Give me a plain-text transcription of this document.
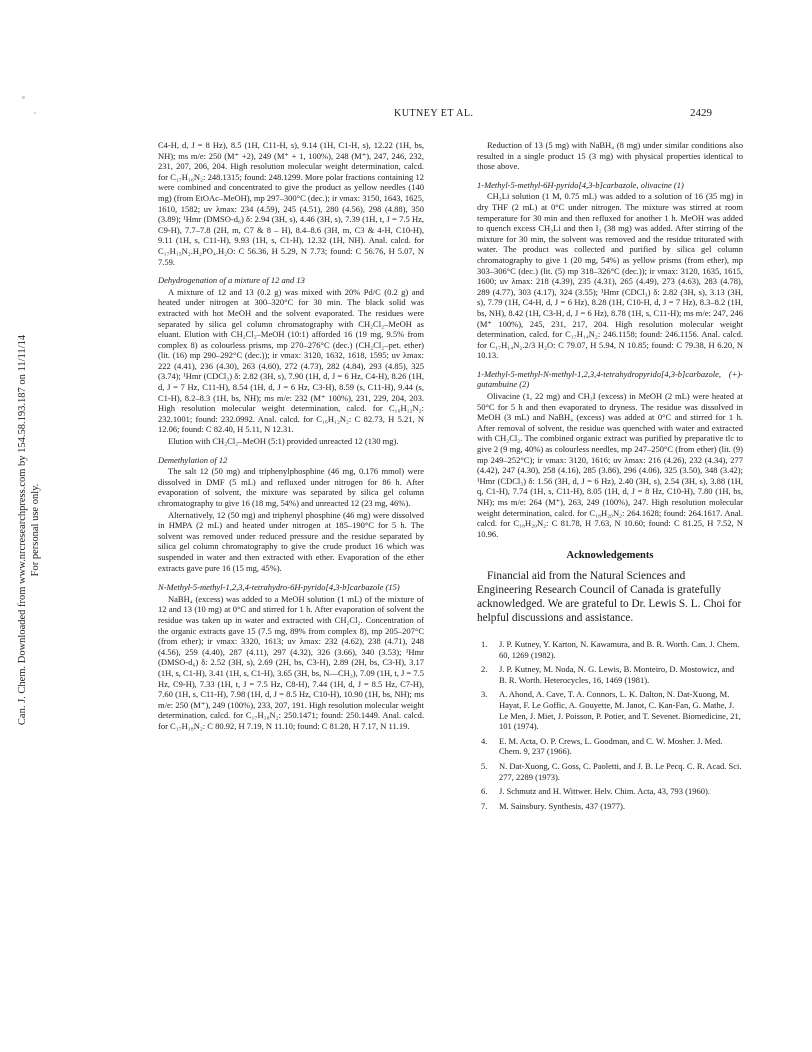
Can. J. Chem. Downloaded from www.nrcresearchpress.com by 154.58.193.187 on 11/11/14 For personal use only.
KUTNEY ET AL.	2429

C4-H, d, J = 8 Hz), 8.5 (1H, C11-H, s), 9.14 (1H, C1-H, s), 12.22 (1H, bs, NH); ms m/e: 250 (M⁺ +2), 249 (M⁺ + 1, 100%), 248 (M⁺), 247, 246, 232, 231, 207, 206, 204. High resolution molecular weight determination, calcd. for C₁₇H₁₆N₂: 248.1315; found: 248.1299. More polar fractions containing 12 were combined and concentrated to give the product as yellow needles (140 mg) (from EtOAc–MeOH), mp 297–300°C (dec.); ir νmax: 3150, 1643, 1625, 1610, 1582; uv λmax: 234 (4.59), 245 (4.51), 280 (4.56), 298 (4.88), 350 (3.89); ¹Hmr (DMSO-d₆) δ: 2.94 (3H, s), 4.46 (3H, s), 7.39 (1H, t, J = 7.5 Hz, C9-H), 7.7–7.8 (2H, m, C7 & 8 – H), 8.4–8.6 (3H, m, C3 & 4-H, C10-H), 9.11 (1H, s, C11-H), 9.93 (1H, s, C1-H), 12.32 (1H, NH). Anal. calcd. for C₁₇H₁₅N₂.H₂PO₄.H₂O: C 56.36, H 5.29, N 7.73; found: C 56.76, H 5.07, N 7.59.

Dehydrogenation of a mixture of 12 and 13

A mixture of 12 and 13 (0.2 g) was mixed with 20% Pd/C (0.2 g) and heated under nitrogen at 300–320°C for 30 min. The black solid was extracted with hot MeOH and the solvent evaporated. The residues were separated by silica gel column chromatography with CH₂Cl₂–MeOH as eluant. Elution with CH₂Cl₂–MeOH (10:1) afforded 16 (19 mg, 9.5% from complex 8) as colourless prisms, mp 270–276°C (dec.) (CH₂Cl₂–pet. ether) (lit. (16) mp 290–292°C (dec.)); ir νmax: 3120, 1632, 1618, 1595; uv λmax: 222 (4.41), 236 (4.30), 263 (4.60), 272 (4.73), 282 (4.84), 293 (4.85), 325 (3.74); ¹Hmr (CDCl₃) δ: 2.82 (3H, s), 7.90 (1H, d, J = 6 Hz, C4-H), 8.26 (1H, d, J = 7 Hz, C11-H), 8.54 (1H, d, J = 6 Hz, C3-H), 8.59 (s, C11-H), 9.44 (s, C1-H), 8.2–8.3 (1H, bs, NH); ms m/e: 232 (M⁺ 100%), 231, 229, 204, 203. High resolution molecular weight determination, calcd. for C₁₆H₁₂N₂: 232.1001; found: 232.0992. Anal. calcd. for C₁₆H₁₂N₂: C 82.73, H 5.21, N 12.06; found: C 82.40, H 5.11, N 12.31.

Elution with CH₂Cl₂–MeOH (5:1) provided unreacted 12 (130 mg).

Demethylation of 12

The salt 12 (50 mg) and triphenylphosphine (46 mg, 0.176 mmol) were dissolved in DMF (5 mL) and refluxed under nitrogen for 86 h. After evaporation of solvent, the mixture was separated by silica gel column chromatography to give 16 (18 mg, 54%) and unreacted 12 (23 mg, 46%).

Alternatively, 12 (50 mg) and triphenyl phosphine (46 mg) were dissolved in HMPA (2 mL) and heated under nitrogen at 185–190°C for 5 h. The solvent was removed under reduced pressure and the residue separated by silica gel column chromatography to give the crude product 16 which was suspended in water and then extracted with ether. Evaporation of the ether extracts gave pure 16 (15 mg, 45%).

N-Methyl-5-methyl-1,2,3,4-tetrahydro-6H-pyrido[4,3-b]carbazole (15)

NaBH₄ (excess) was added to a MeOH solution (1 mL) of the mixture of 12 and 13 (10 mg) at 0°C and stirred for 1 h. After evaporation of solvent the residue was taken up in water and extracted with CH₂Cl₂. Concentration of the organic extracts gave 15 (7.5 mg, 89% from complex 8), mp 205–207°C (from ether); ir νmax: 3320, 1613; uv λmax: 232 (4.62), 238 (4.71), 248 (4.56), 259 (4.40), 287 (4.11), 297 (4.32), 326 (3.66), 340 (3.53); ¹Hmr (DMSO-d₆) δ: 2.52 (3H, s), 2.69 (2H, bs, C3-H), 2.89 (2H, bs, C3-H), 3.17 (1H, s, C1-H), 3.41 (1H, s, C1-H), 3.65 (3H, bs, N—CH₃), 7.09 (1H, t, J = 7.5 Hz, C9-H), 7.33 (1H, t, J = 7.5 Hz, C8-H), 7.44 (1H, d, J = 8.5 Hz, C7-H), 7.60 (1H, s, C11-H), 7.98 (1H, d, J = 8.5 Hz, C10-H), 10.90 (1H, bs, NH); ms m/e: 250 (M⁺), 249 (100%), 233, 207, 191. High resolution molecular weight determination, calcd. for C₁₇H₁₈N₂: 250.1471; found: 250.1449. Anal. calcd. for C₁₇H₁₈N₂: C 80.92, H 7.19, N 11.10; found: C 81.28, H 7.17, N 11.19.

Reduction of 13 (5 mg) with NaBH₄ (8 mg) under similar conditions also resulted in a single product 15 (3 mg) with physical properties identical to those above.

1-Methyl-5-methyl-6H-pyrido[4,3-b]carbazole, olivacine (1)

CH₃Li solution (1 M, 0.75 mL) was added to a solution of 16 (35 mg) in dry THF (2 mL) at 0°C under nitrogen. The mixture was stirred at room temperature for 30 min and then refluxed for another 1 h. MeOH was added to quench excess CH₃Li and then I₂ (38 mg) was added. After stirring of the mixture for 30 min, the solvent was removed and the residue triturated with water. The product was collected and purified by silica gel column chromatography to give 1 (20 mg, 54%) as yellow prisms (from ether), mp 303–306°C (dec.) (lit. (5) mp 318–326°C (dec.)); ir νmax: 3120, 1635, 1615, 1600; uv λmax: 218 (4.39), 235 (4.31), 265 (4.49), 273 (4.63), 283 (4.78), 289 (4.77), 303 (4.17), 324 (3.55); ¹Hmr (CDCl₃) δ: 2.82 (3H, s), 3.13 (3H, s), 7.79 (1H, C4-H, d, J = 6 Hz), 8.28 (1H, C10-H, d, J = 7 Hz), 8.3–8.2 (1H, bs, NH), 8.42 (1H, C3-H, d, J = 6 Hz), 8.78 (1H, s, C11-H); ms m/e: 247, 246 (M⁺ 100%), 245, 231, 217, 204. High resolution molecular weight determination, calcd. for C₁₇H₁₄N₂: 246.1158; found: 246.1156. Anal. calcd. for C₁₇H₁₄N₂.2/3 H₂O: C 79.07, H 5.94, N 10.85; found: C 79.38, H 6.20, N 10.13.

1-Methyl-5-methyl-N-methyl-1,2,3,4-tetrahydropyrido[4,3-b]carbazole, (+)-gutambuine (2)

Olivacine (1, 22 mg) and CH₃I (excess) in MeOH (2 mL) were heated at 50°C for 5 h and then evaporated to dryness. The residue was dissolved in MeOH (3 mL) and NaBH₄ (excess) was added at 0°C and stirred for 1 h. After removal of solvent, the residue was quenched with water and extracted with CH₂Cl₂. The combined organic extract was purified by preparative tlc to give 2 (9 mg, 40%) as colourless needles, mp 247–250°C (from ether) (lit. (9) mp 249–252°C); ir νmax: 3120, 1616; uv λmax: 216 (4.26), 232 (4.34), 277 (4.42), 247 (4.30), 258 (4.16), 285 (3.86), 296 (4.06), 325 (3.50), 348 (3.42); ¹Hmr (CDCl₃) δ: 1.56 (3H, d, J = 6 Hz), 2.40 (3H, s), 2.54 (3H, s), 3.88 (1H, q, C1-H), 7.74 (1H, s, C11-H), 8.05 (1H, d, J = 8 Hz, C10-H), 7.80 (1H, bs, NH); ms m/e: 264 (M⁺), 263, 249 (100%), 247. High resolution molecular weight determination, calcd. for C₁₈H₂₀N₂: 264.1628; found: 264.1617. Anal. calcd. for C₁₈H₂₀N₂: C 81.78, H 7.63, N 10.60; found: C 81.25, H 7.52, N 10.96.

Acknowledgements

Financial aid from the Natural Sciences and Engineering Research Council of Canada is gratefully acknowledged. We are grateful to Dr. Lewis S. L. Choi for helpful discussions and assistance.

1. J. P. Kutney, Y. Karton, N. Kawamura, and B. R. Worth. Can. J. Chem. 60, 1269 (1982).
2. J. P. Kutney, M. Noda, N. G. Lewis, B. Monteiro, D. Mostowicz, and B. R. Worth. Heterocycles, 16, 1469 (1981).
3. A. Ahond, A. Cave, T. A. Connors, L. K. Dalton, N. Dat-Xuong, M. Hayat, F. Le Goffic, A. Gouyette, M. Janot, C. Kan-Fan, G. Mathe, J. Le Men, J. Miet, J. Poisson, P. Potier, and T. Sevenet. Biomedicine, 21, 101 (1974).
4. E. M. Acta, O. P. Crews, L. Goodman, and C. W. Mosher. J. Med. Chem. 9, 237 (1966).
5. N. Dat-Xuong, C. Goss, C. Paoletti, and J. B. Le Pecq. C. R. Acad. Sci. 277, 2289 (1973).
6. J. Schmutz and H. Wittwer. Helv. Chim. Acta, 43, 793 (1960).
7. M. Sainsbury. Synthesis, 437 (1977).
